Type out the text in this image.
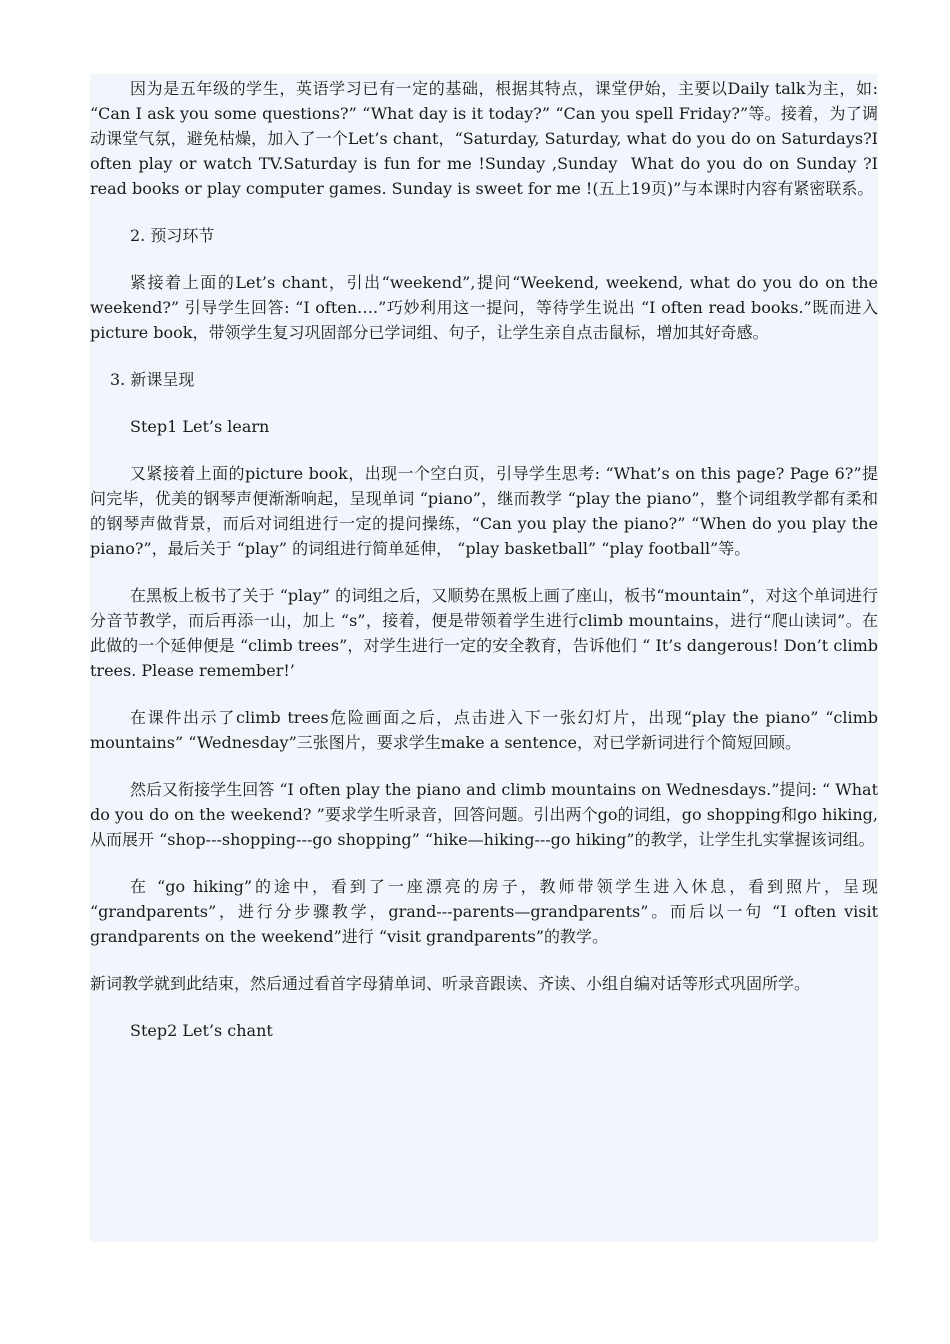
因为是五年级的学生，英语学习已有一定的基础，根据其特点，课堂伊始，主要以Daily talk为主，如: “Can I ask you some questions?” “What day is it today?” “Can you spell Friday?”等。接着，为了调动课堂气氛，避免枯燥，加入了一个Let’s chant，“Saturday, Saturday, what do you do on Saturdays?I often play or watch TV.Saturday is fun for me !Sunday ,Sunday  What do you do on Sunday ?I read books or play computer games. Sunday is sweet for me !(五上19页)”与本课时内容有紧密联系。

2. 预习环节

紧接着上面的Let’s chant，引出“weekend”,提问“Weekend, weekend, what do you do on the weekend?” 引导学生回答: “I often….”巧妙利用这一提问，等待学生说出 “I often read books.”既而进入picture book，带领学生复习巩固部分已学词组、句子，让学生亲自点击鼠标，增加其好奇感。

3. 新课呈现

Step1 Let’s learn

又紧接着上面的picture book，出现一个空白页，引导学生思考: “What’s on this page? Page 6?”提问完毕，优美的钢琴声便渐渐响起，呈现单词 “piano”，继而教学 “play the piano”，整个词组教学都有柔和的钢琴声做背景，而后对词组进行一定的提问操练，“Can you play the piano?” “When do you play the piano?”，最后关于 “play” 的词组进行简单延伸， “play basketball” “play football”等。

在黑板上板书了关于 “play” 的词组之后，又顺势在黑板上画了座山，板书“mountain”，对这个单词进行分音节教学，而后再添一山，加上 “s”，接着，便是带领着学生进行climb mountains，进行“爬山读词”。在此做的一个延伸便是 “climb trees”，对学生进行一定的安全教育，告诉他们 “ It’s dangerous! Don’t climb trees. Please remember!’

在课件出示了climb trees危险画面之后，点击进入下一张幻灯片，出现“play the piano” “climb mountains” “Wednesday”三张图片，要求学生make a sentence，对已学新词进行个简短回顾。

然后又衔接学生回答 “I often play the piano and climb mountains on Wednesdays.”提问: “ What do you do on the weekend? ”要求学生听录音，回答问题。引出两个go的词组，go shopping和go hiking, 从而展开 “shop---shopping---go shopping” “hike—hiking---go hiking”的教学，让学生扎实掌握该词组。

在 “go hiking”的途中，看到了一座漂亮的房子，教师带领学生进入休息，看到照片，呈现 “grandparents”，进行分步骤教学，grand---parents—grandparents”。而后以一句 “I often visit grandparents on the weekend”进行 “visit grandparents”的教学。

新词教学就到此结束，然后通过看首字母猜单词、听录音跟读、齐读、小组自编对话等形式巩固所学。

Step2 Let’s chant
